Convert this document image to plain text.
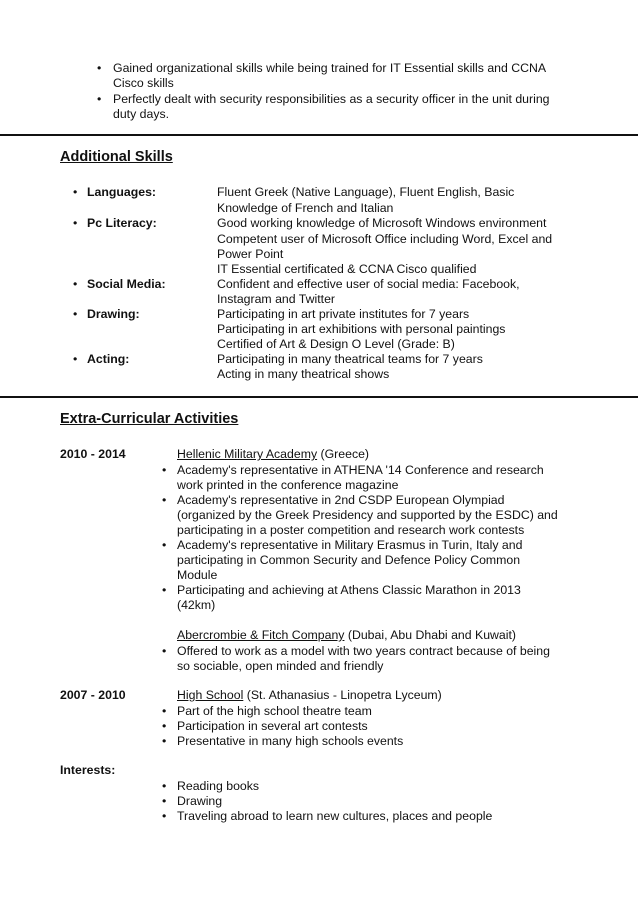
• Gained organizational skills while being trained for IT Essential skills and CCNA
Cisco skills
• Perfectly dealt with security responsibilities as a security officer in the unit during
duty days.
Additional Skills
• Languages:	Fluent Greek (Native Language), Fluent English, Basic
Knowledge of French and Italian
• Pc Literacy:	Good working knowledge of Microsoft Windows environment
Competent user of Microsoft Office including Word, Excel and
Power Point
IT Essential certificated & CCNA Cisco qualified
• Social Media:	Confident and effective user of social media: Facebook,
Instagram and Twitter
• Drawing:	Participating in art private institutes for 7 years
Participating in art exhibitions with personal paintings
Certified of Art & Design O Level (Grade: B)
• Acting:	Participating in many theatrical teams for 7 years
Acting in many theatrical shows
Extra-Curricular Activities
2010 - 2014	Hellenic Military Academy (Greece)
• Academy's representative in ATHENA '14 Conference and research
work printed in the conference magazine
• Academy's representative in 2nd CSDP European Olympiad
(organized by the Greek Presidency and supported by the ESDC) and
participating in a poster competition and research work contests
• Academy's representative in Military Erasmus in Turin, Italy and
participating in Common Security and Defence Policy Common
Module
• Participating and achieving at Athens Classic Marathon in 2013
(42km)
Abercrombie & Fitch Company (Dubai, Abu Dhabi and Kuwait)
• Offered to work as a model with two years contract because of being
so sociable, open minded and friendly
2007 - 2010	High School (St. Athanasius - Linopetra Lyceum)
• Part of the high school theatre team
• Participation in several art contests
• Presentative in many high schools events
Interests:
• Reading books
• Drawing
• Traveling abroad to learn new cultures, places and people
